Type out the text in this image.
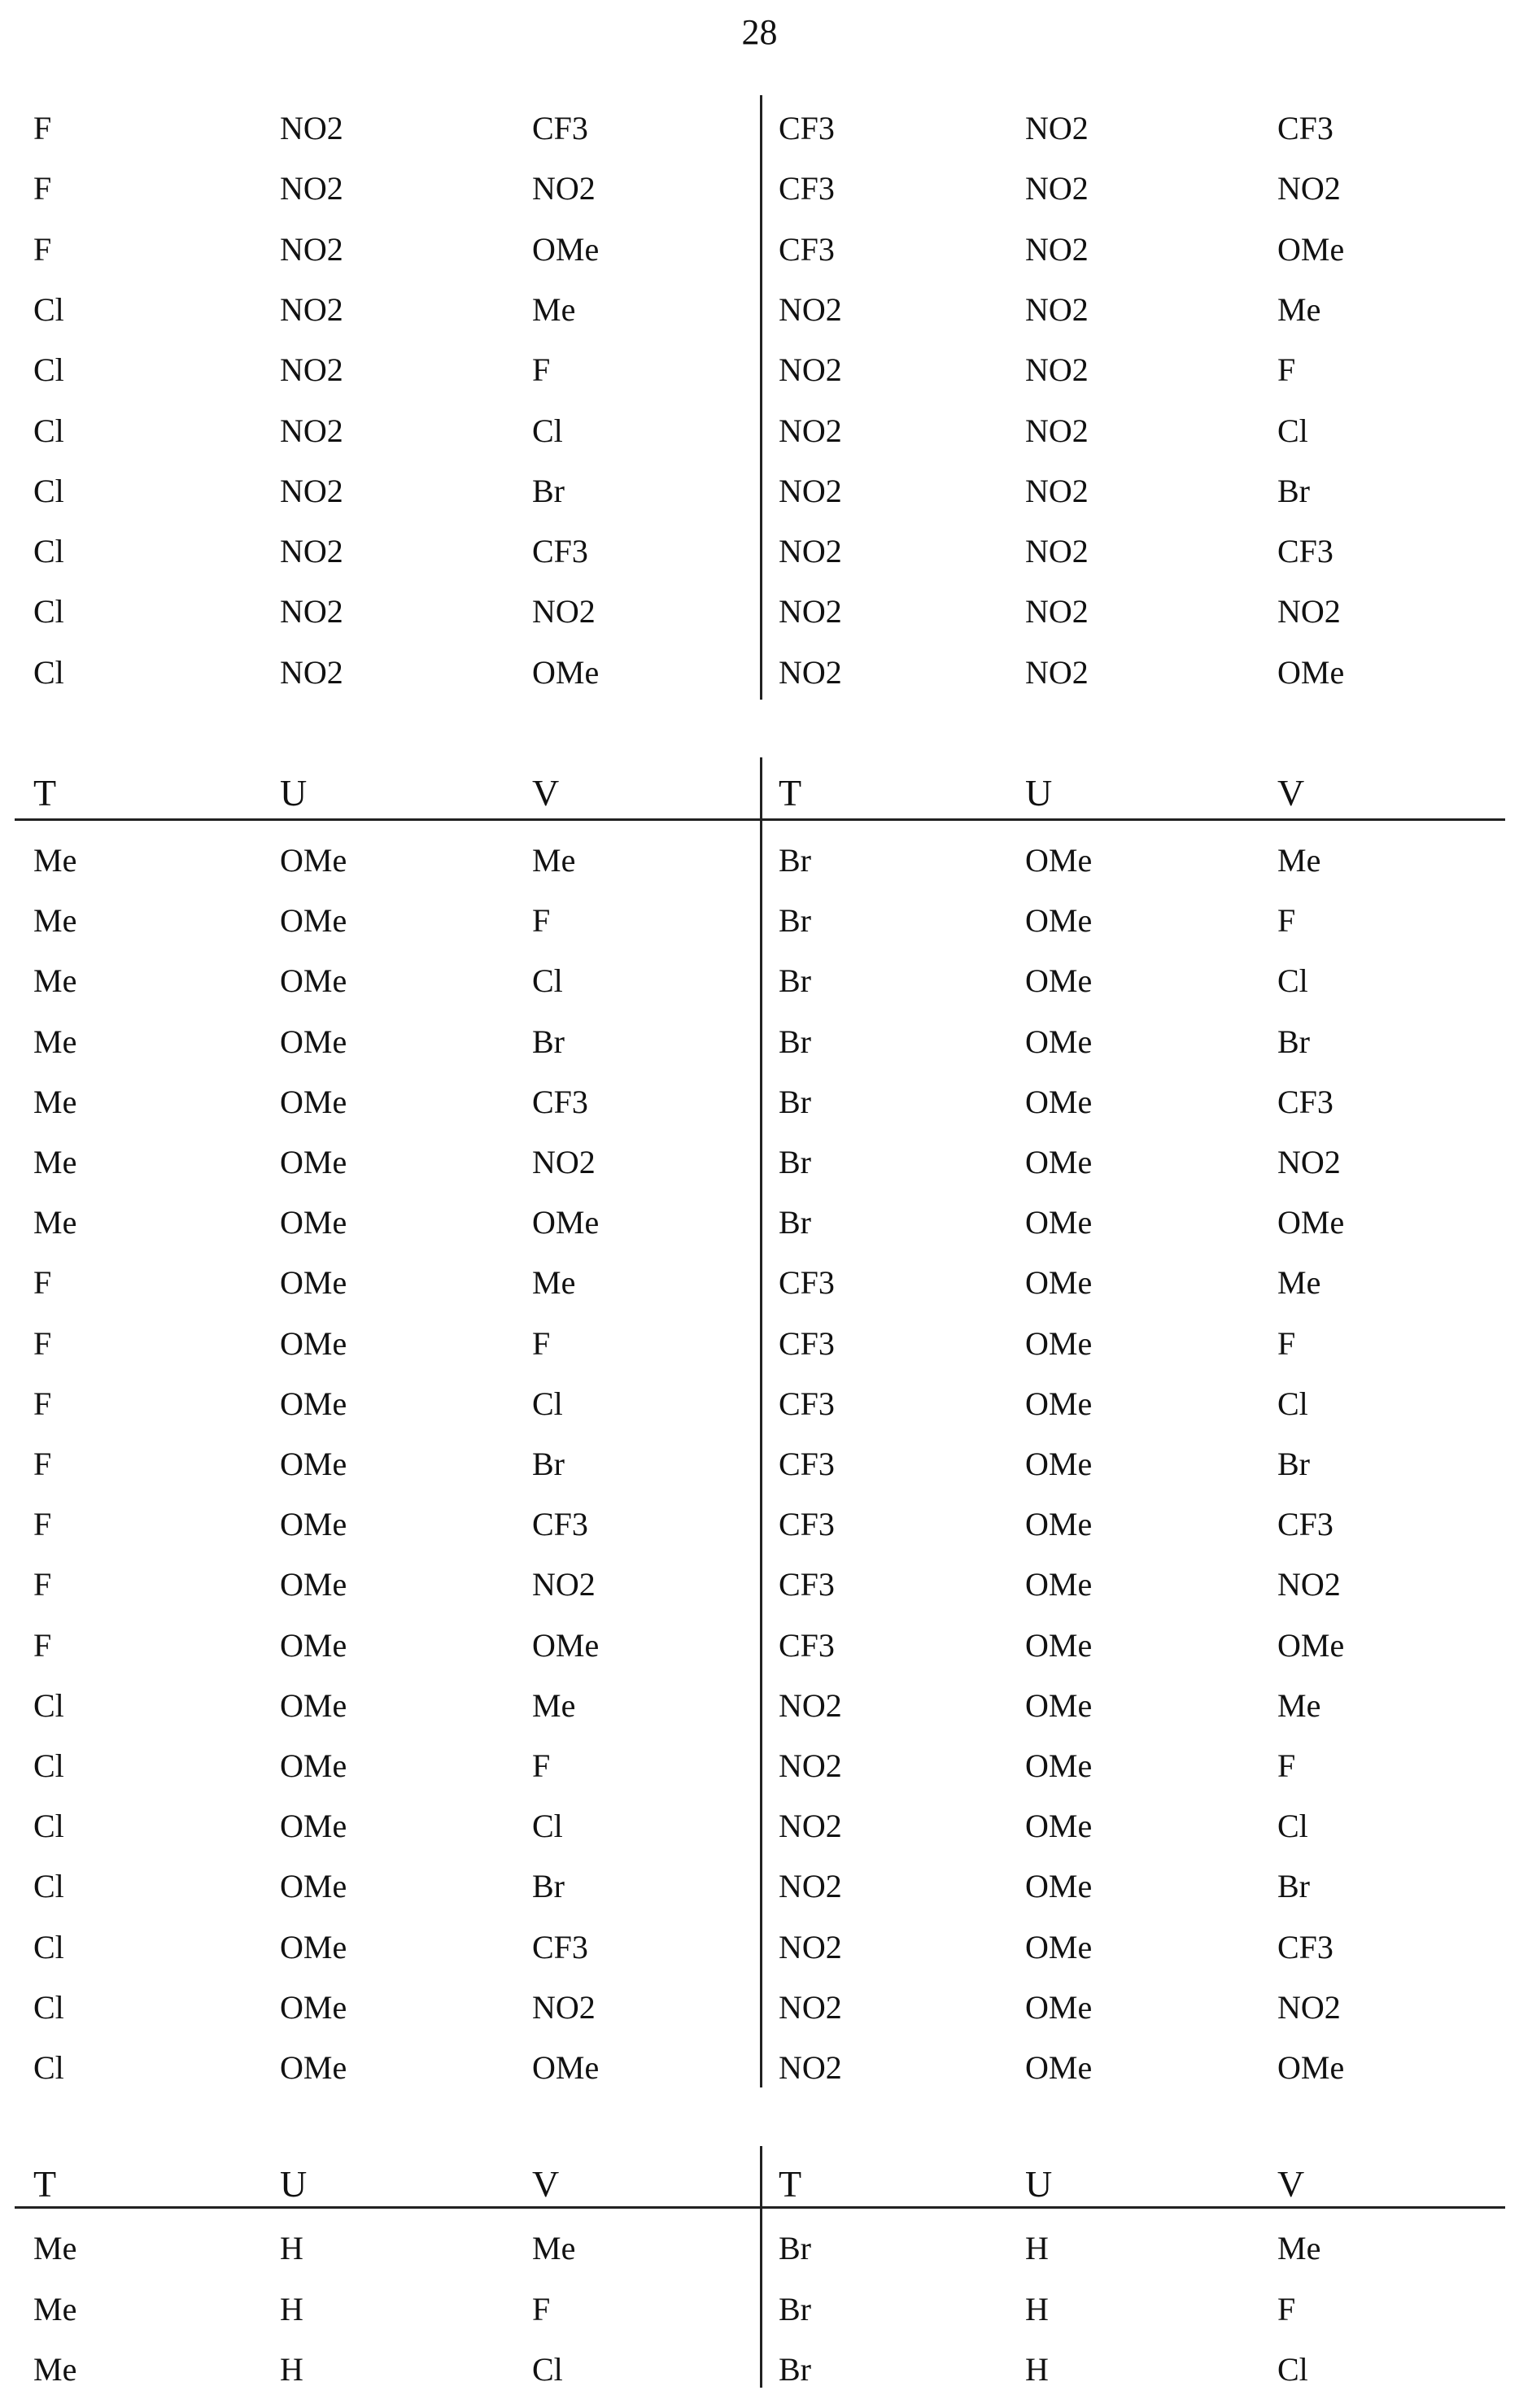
28
F	NO2	CF3	CF3	NO2	CF3
F	NO2	NO2	CF3	NO2	NO2
F	NO2	OMe	CF3	NO2	OMe
Cl	NO2	Me	NO2	NO2	Me
Cl	NO2	F	NO2	NO2	F
Cl	NO2	Cl	NO2	NO2	Cl
Cl	NO2	Br	NO2	NO2	Br
Cl	NO2	CF3	NO2	NO2	CF3
Cl	NO2	NO2	NO2	NO2	NO2
Cl	NO2	OMe	NO2	NO2	OMe
T	U	V	T	U	V
Me	OMe	Me	Br	OMe	Me
Me	OMe	F	Br	OMe	F
Me	OMe	Cl	Br	OMe	Cl
Me	OMe	Br	Br	OMe	Br
Me	OMe	CF3	Br	OMe	CF3
Me	OMe	NO2	Br	OMe	NO2
Me	OMe	OMe	Br	OMe	OMe
F	OMe	Me	CF3	OMe	Me
F	OMe	F	CF3	OMe	F
F	OMe	Cl	CF3	OMe	Cl
F	OMe	Br	CF3	OMe	Br
F	OMe	CF3	CF3	OMe	CF3
F	OMe	NO2	CF3	OMe	NO2
F	OMe	OMe	CF3	OMe	OMe
Cl	OMe	Me	NO2	OMe	Me
Cl	OMe	F	NO2	OMe	F
Cl	OMe	Cl	NO2	OMe	Cl
Cl	OMe	Br	NO2	OMe	Br
Cl	OMe	CF3	NO2	OMe	CF3
Cl	OMe	NO2	NO2	OMe	NO2
Cl	OMe	OMe	NO2	OMe	OMe
T	U	V	T	U	V
Me	H	Me	Br	H	Me
Me	H	F	Br	H	F
Me	H	Cl	Br	H	Cl
